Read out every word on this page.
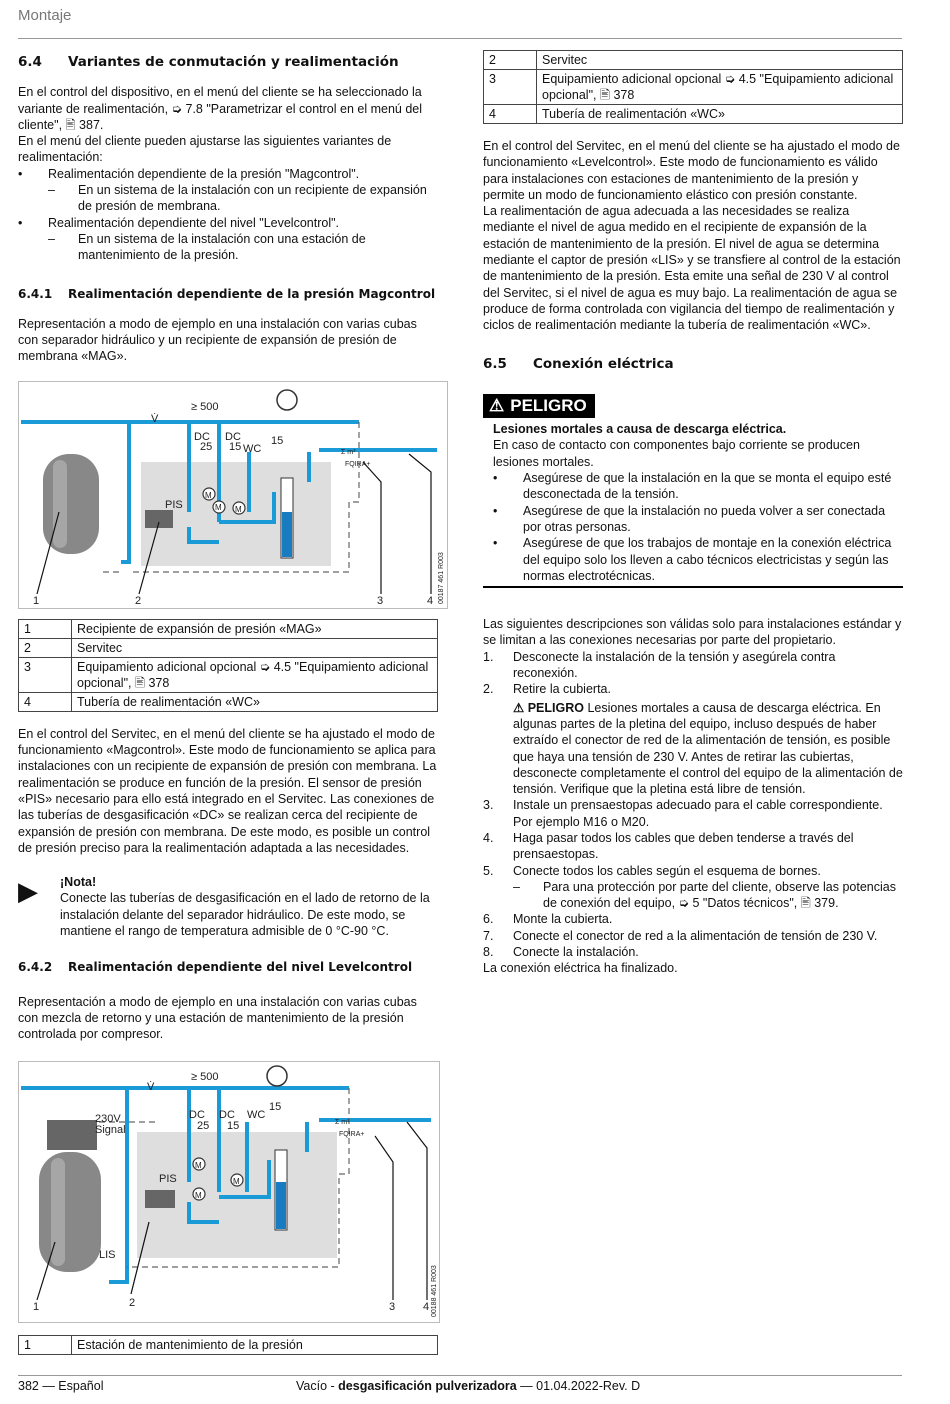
Montaje
6.4	Variantes de conmutación y realimentación

En el control del dispositivo, en el menú del cliente se ha seleccionado la variante de realimentación, ➭ 7.8 "Parametrizar el control en el menú del cliente", 🖹 387.

En el menú del cliente pueden ajustarse las siguientes variantes de realimentación:

•	Realimentación dependiente de la presión "Magcontrol".
–	En un sistema de la instalación con un recipiente de expansión de presión de membrana.
•	Realimentación dependiente del nivel "Levelcontrol".
–	En un sistema de la instalación con una estación de mantenimiento de la presión.
6.4.1	Realimentación dependiente de la presión Magcontrol

Representación a modo de ejemplo en una instalación con varias cubas con separador hidráulico y un recipiente de expansión de presión de membrana «MAG».

≥ 500
V̇
DC
25
DC
15 WC
15
PIS
M
M
M
FQIRA+
Σ m³
1	2	3	4 00187 461 R003
1	Recipiente de expansión de presión «MAG»
2	Servitec
3	Equipamiento adicional opcional ➭ 4.5 "Equipamiento adicional opcional", 🖹 378
4	Tubería de realimentación «WC»

En el control del Servitec, en el menú del cliente se ha ajustado el modo de funcionamiento «Magcontrol». Este modo de funcionamiento se aplica para instalaciones con un recipiente de expansión de presión con membrana. La realimentación se produce en función de la presión. El sensor de presión «PIS» necesario para ello está integrado en el Servitec. Las conexiones de las tuberías de desgasificación «DC» se realizan cerca del recipiente de expansión de presión con membrana. De este modo, es posible un control de presión preciso para la realimentación adaptada a las necesidades.

▶	¡Nota!
Conecte las tuberías de desgasificación en el lado de retorno de la instalación delante del separador hidráulico. De este modo, se mantiene el rango de temperatura admisible de 0 °C-90 °C.
6.4.2	Realimentación dependiente del nivel Levelcontrol

Representación a modo de ejemplo en una instalación con varias cubas con mezcla de retorno y una estación de mantenimiento de la presión controlada por compresor.

≥ 500
V̇
DC
25
DC
15
WC
15
230V
Signal
LIS
PIS
M
M
M
FQIRA+
Σ m³
1	2	3	4 00188 461 R003
1	Estación de mantenimiento de la presión
2	Servitec
3	Equipamiento adicional opcional ➭ 4.5 "Equipamiento adicional opcional", 🖹 378
4	Tubería de realimentación «WC»

En el control del Servitec, en el menú del cliente se ha ajustado el modo de funcionamiento «Levelcontrol». Este modo de funcionamiento es válido para instalaciones con estaciones de mantenimiento de la presión y permite un modo de funcionamiento elástico con presión constante.

La realimentación de agua adecuada a las necesidades se realiza mediante el nivel de agua medido en el recipiente de expansión de la estación de mantenimiento de la presión. El nivel de agua se determina mediante el captor de presión «LIS» y se transfiere al control de la estación de mantenimiento de la presión. Esta emite una señal de 230 V al control del Servitec, si el nivel de agua es muy bajo. La realimentación de agua se produce de forma controlada con vigilancia del tiempo de realimentación y ciclos de realimentación mediante la tubería de realimentación «WC».

6.5	Conexión eléctrica
⚠ PELIGRO
Lesiones mortales a causa de descarga eléctrica.
En caso de contacto con componentes bajo corriente se producen lesiones mortales.
•	Asegúrese de que la instalación en la que se monta el equipo esté desconectada de la tensión.
•	Asegúrese de que la instalación no pueda volver a ser conectada por otras personas.
•	Asegúrese de que los trabajos de montaje en la conexión eléctrica del equipo solo los lleven a cabo técnicos electricistas y según las normas electrotécnicas.

Las siguientes descripciones son válidas solo para instalaciones estándar y se limitan a las conexiones necesarias por parte del propietario.

1.	Desconecte la instalación de la tensión y asegúrela contra reconexión.
2.	Retire la cubierta.
⚠ PELIGRO Lesiones mortales a causa de descarga eléctrica. En algunas partes de la pletina del equipo, incluso después de haber extraído el conector de red de la alimentación de tensión, es posible que haya una tensión de 230 V. Antes de retirar las cubiertas, desconecte completamente el control del equipo de la alimentación de tensión. Verifique que la pletina está libre de tensión.
3.	Instale un prensaestopas adecuado para el cable correspondiente. Por ejemplo M16 o M20.
4.	Haga pasar todos los cables que deben tenderse a través del prensaestopas.
5.	Conecte todos los cables según el esquema de bornes.
–	Para una protección por parte del cliente, observe las potencias de conexión del equipo, ➭ 5 "Datos técnicos", 🖹 379.
6.	Monte la cubierta.
7.	Conecte el conector de red a la alimentación de tensión de 230 V.
8.	Conecte la instalación.

La conexión eléctrica ha finalizado.

382 — Español	Vacío - desgasificación pulverizadora — 01.04.2022-Rev. D
